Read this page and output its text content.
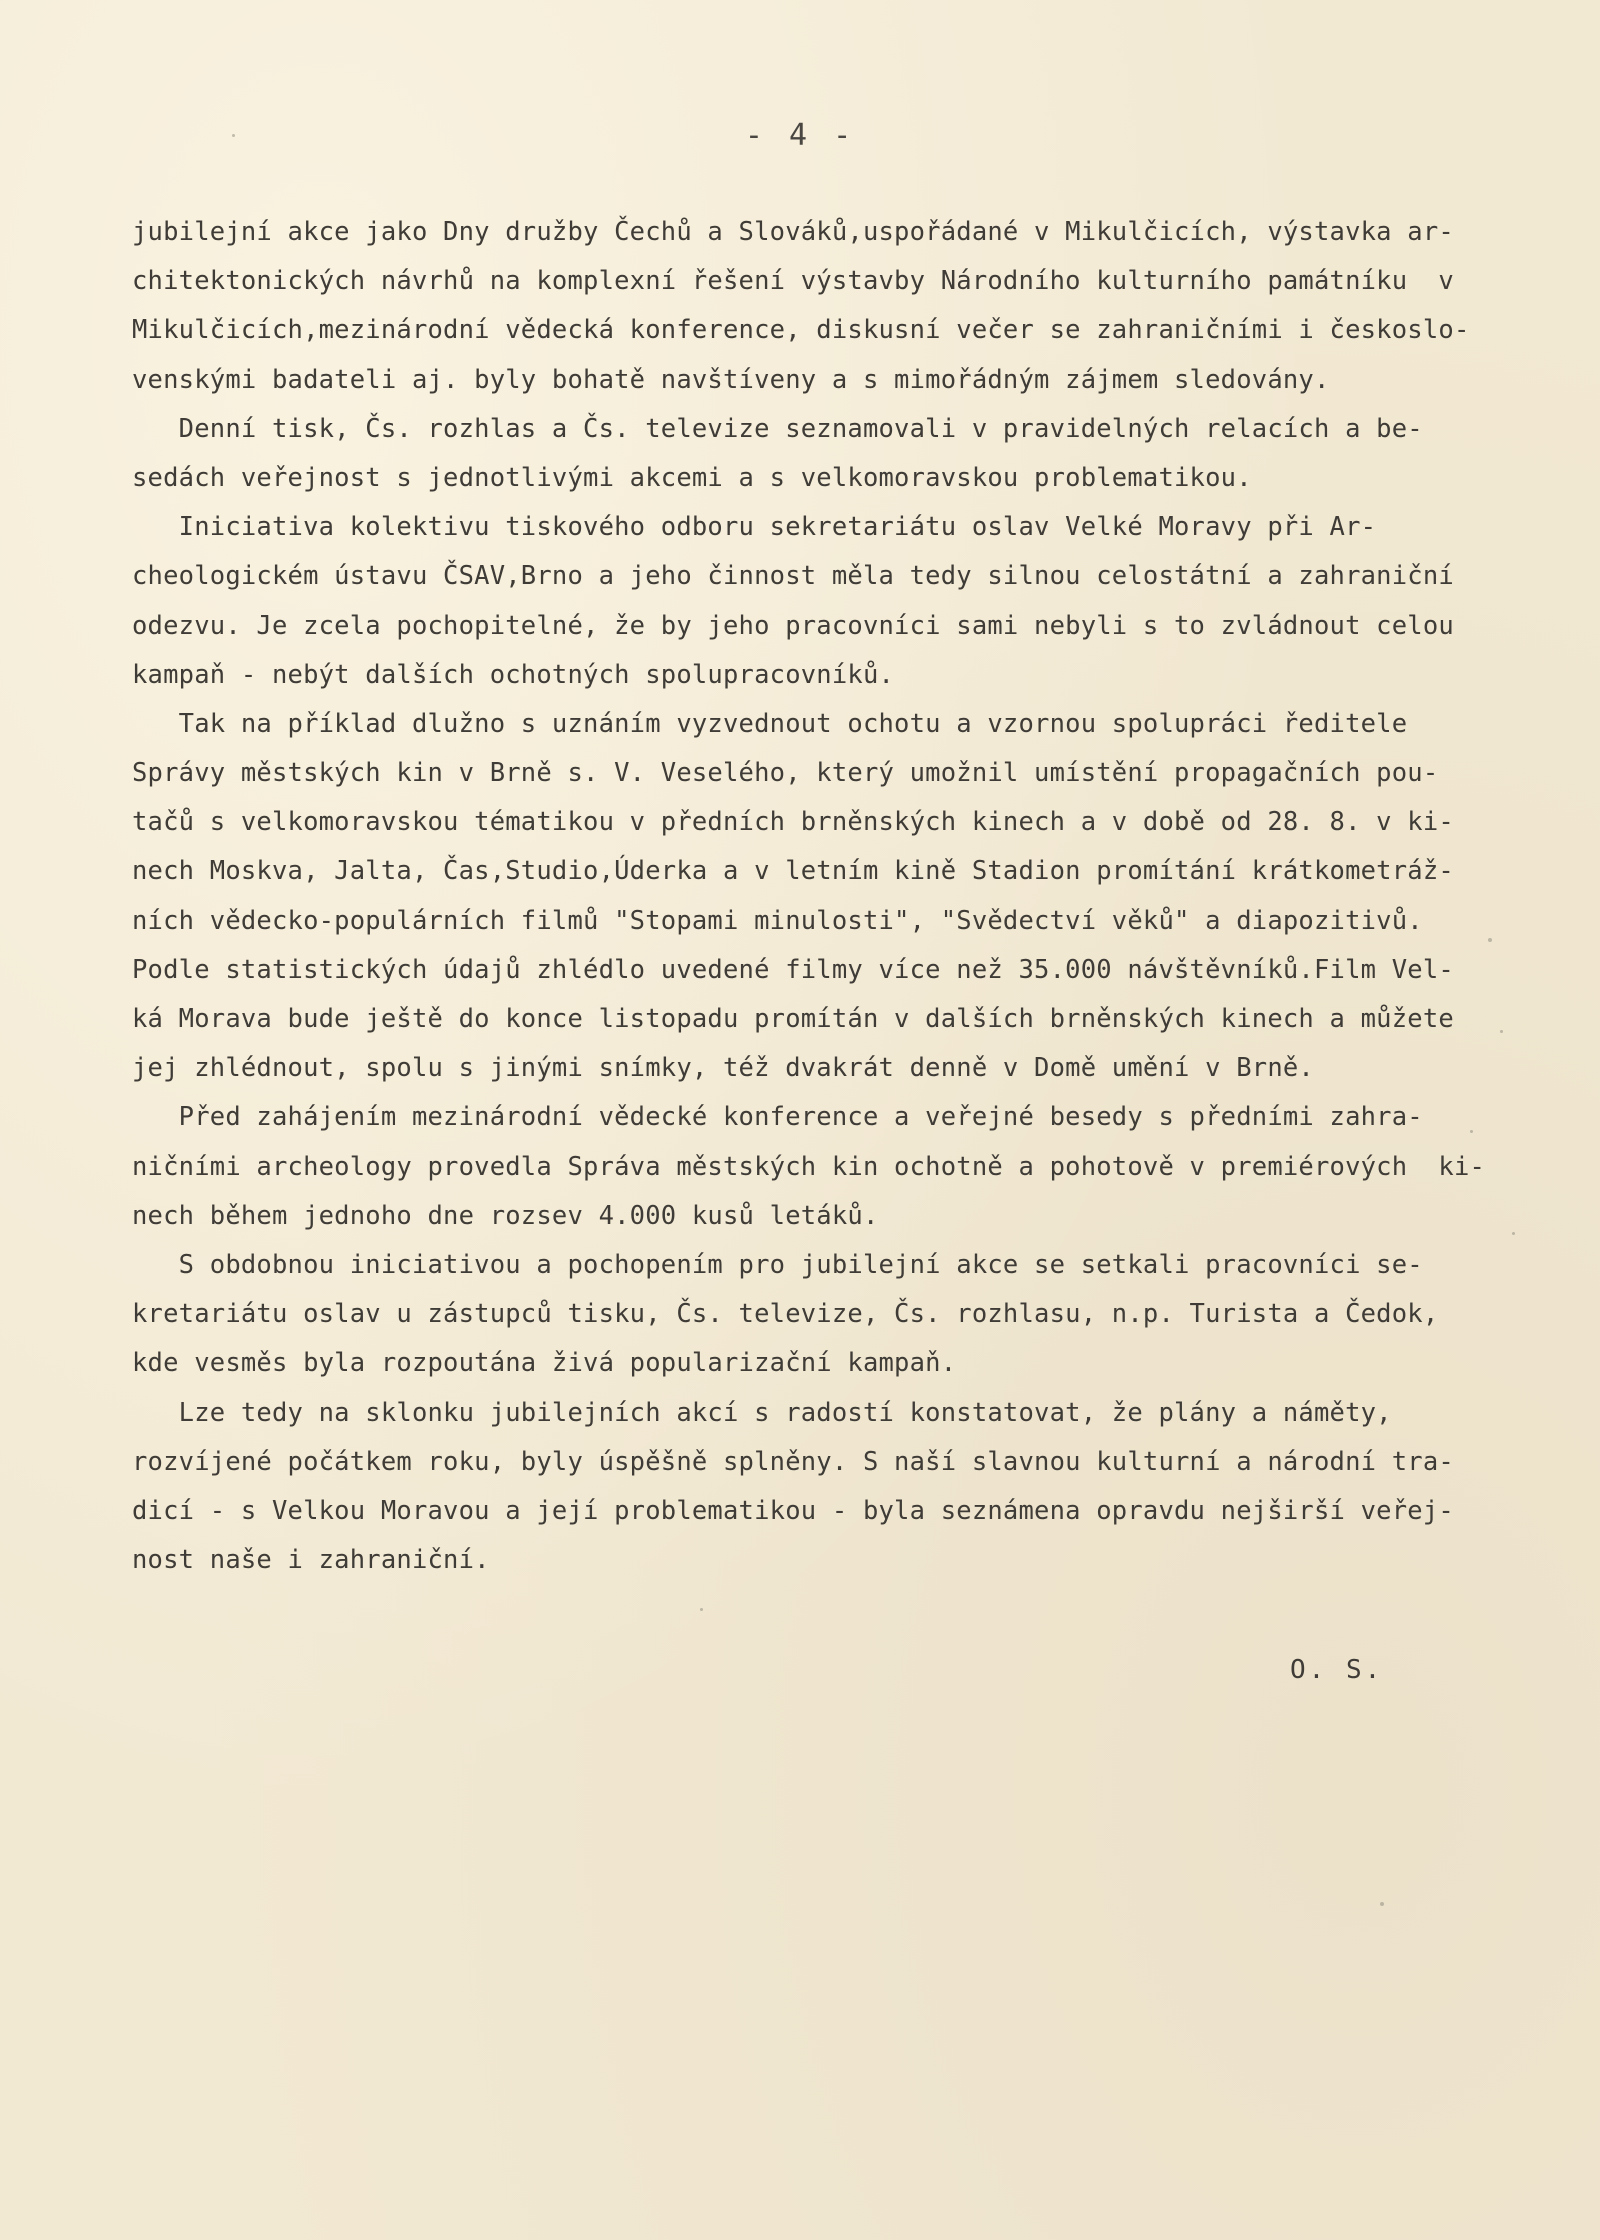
- 4 -
jubilejní akce jako Dny družby Čechů a Slováků,uspořádané v Mikulčicích, výstavka ar-
chitektonických návrhů na komplexní řešení výstavby Národního kulturního památníku  v
Mikulčicích,mezinárodní vědecká konference, diskusní večer se zahraničními i českoslo-
venskými badateli aj. byly bohatě navštíveny a s mimořádným zájmem sledovány.
Denní tisk, Čs. rozhlas a Čs. televize seznamovali v pravidelných relacích a be-
sedách veřejnost s jednotlivými akcemi a s velkomoravskou problematikou.
Iniciativa kolektivu tiskového odboru sekretariátu oslav Velké Moravy při Ar-
cheologickém ústavu ČSAV,Brno a jeho činnost měla tedy silnou celostátní a zahraniční
odezvu. Je zcela pochopitelné, že by jeho pracovníci sami nebyli s to zvládnout celou
kampaň - nebýt dalších ochotných spolupracovníků.
Tak na příklad dlužno s uznáním vyzvednout ochotu a vzornou spolupráci ředitele
Správy městských kin v Brně s. V. Veselého, který umožnil umístění propagačních pou-
tačů s velkomoravskou tématikou v předních brněnských kinech a v době od 28. 8. v ki-
nech Moskva, Jalta, Čas,Studio,Úderka a v letním kině Stadion promítání krátkometráž-
ních vědecko-populárních filmů "Stopami minulosti", "Svědectví věků" a diapozitivů.
Podle statistických údajů zhlédlo uvedené filmy více než 35.000 návštěvníků.Film Vel-
ká Morava bude ještě do konce listopadu promítán v dalších brněnských kinech a můžete
jej zhlédnout, spolu s jinými snímky, též dvakrát denně v Domě umění v Brně.
Před zahájením mezinárodní vědecké konference a veřejné besedy s předními zahra-
ničními archeology provedla Správa městských kin ochotně a pohotově v premiérových  ki-
nech během jednoho dne rozsev 4.000 kusů letáků.
S obdobnou iniciativou a pochopením pro jubilejní akce se setkali pracovníci se-
kretariátu oslav u zástupců tisku, Čs. televize, Čs. rozhlasu, n.p. Turista a Čedok,
kde vesměs byla rozpoutána živá popularizační kampaň.
Lze tedy na sklonku jubilejních akcí s radostí konstatovat, že plány a náměty,
rozvíjené počátkem roku, byly úspěšně splněny. S naší slavnou kulturní a národní tra-
dicí - s Velkou Moravou a její problematikou - byla seznámena opravdu nejširší veřej-
nost naše i zahraniční.
O. S.
